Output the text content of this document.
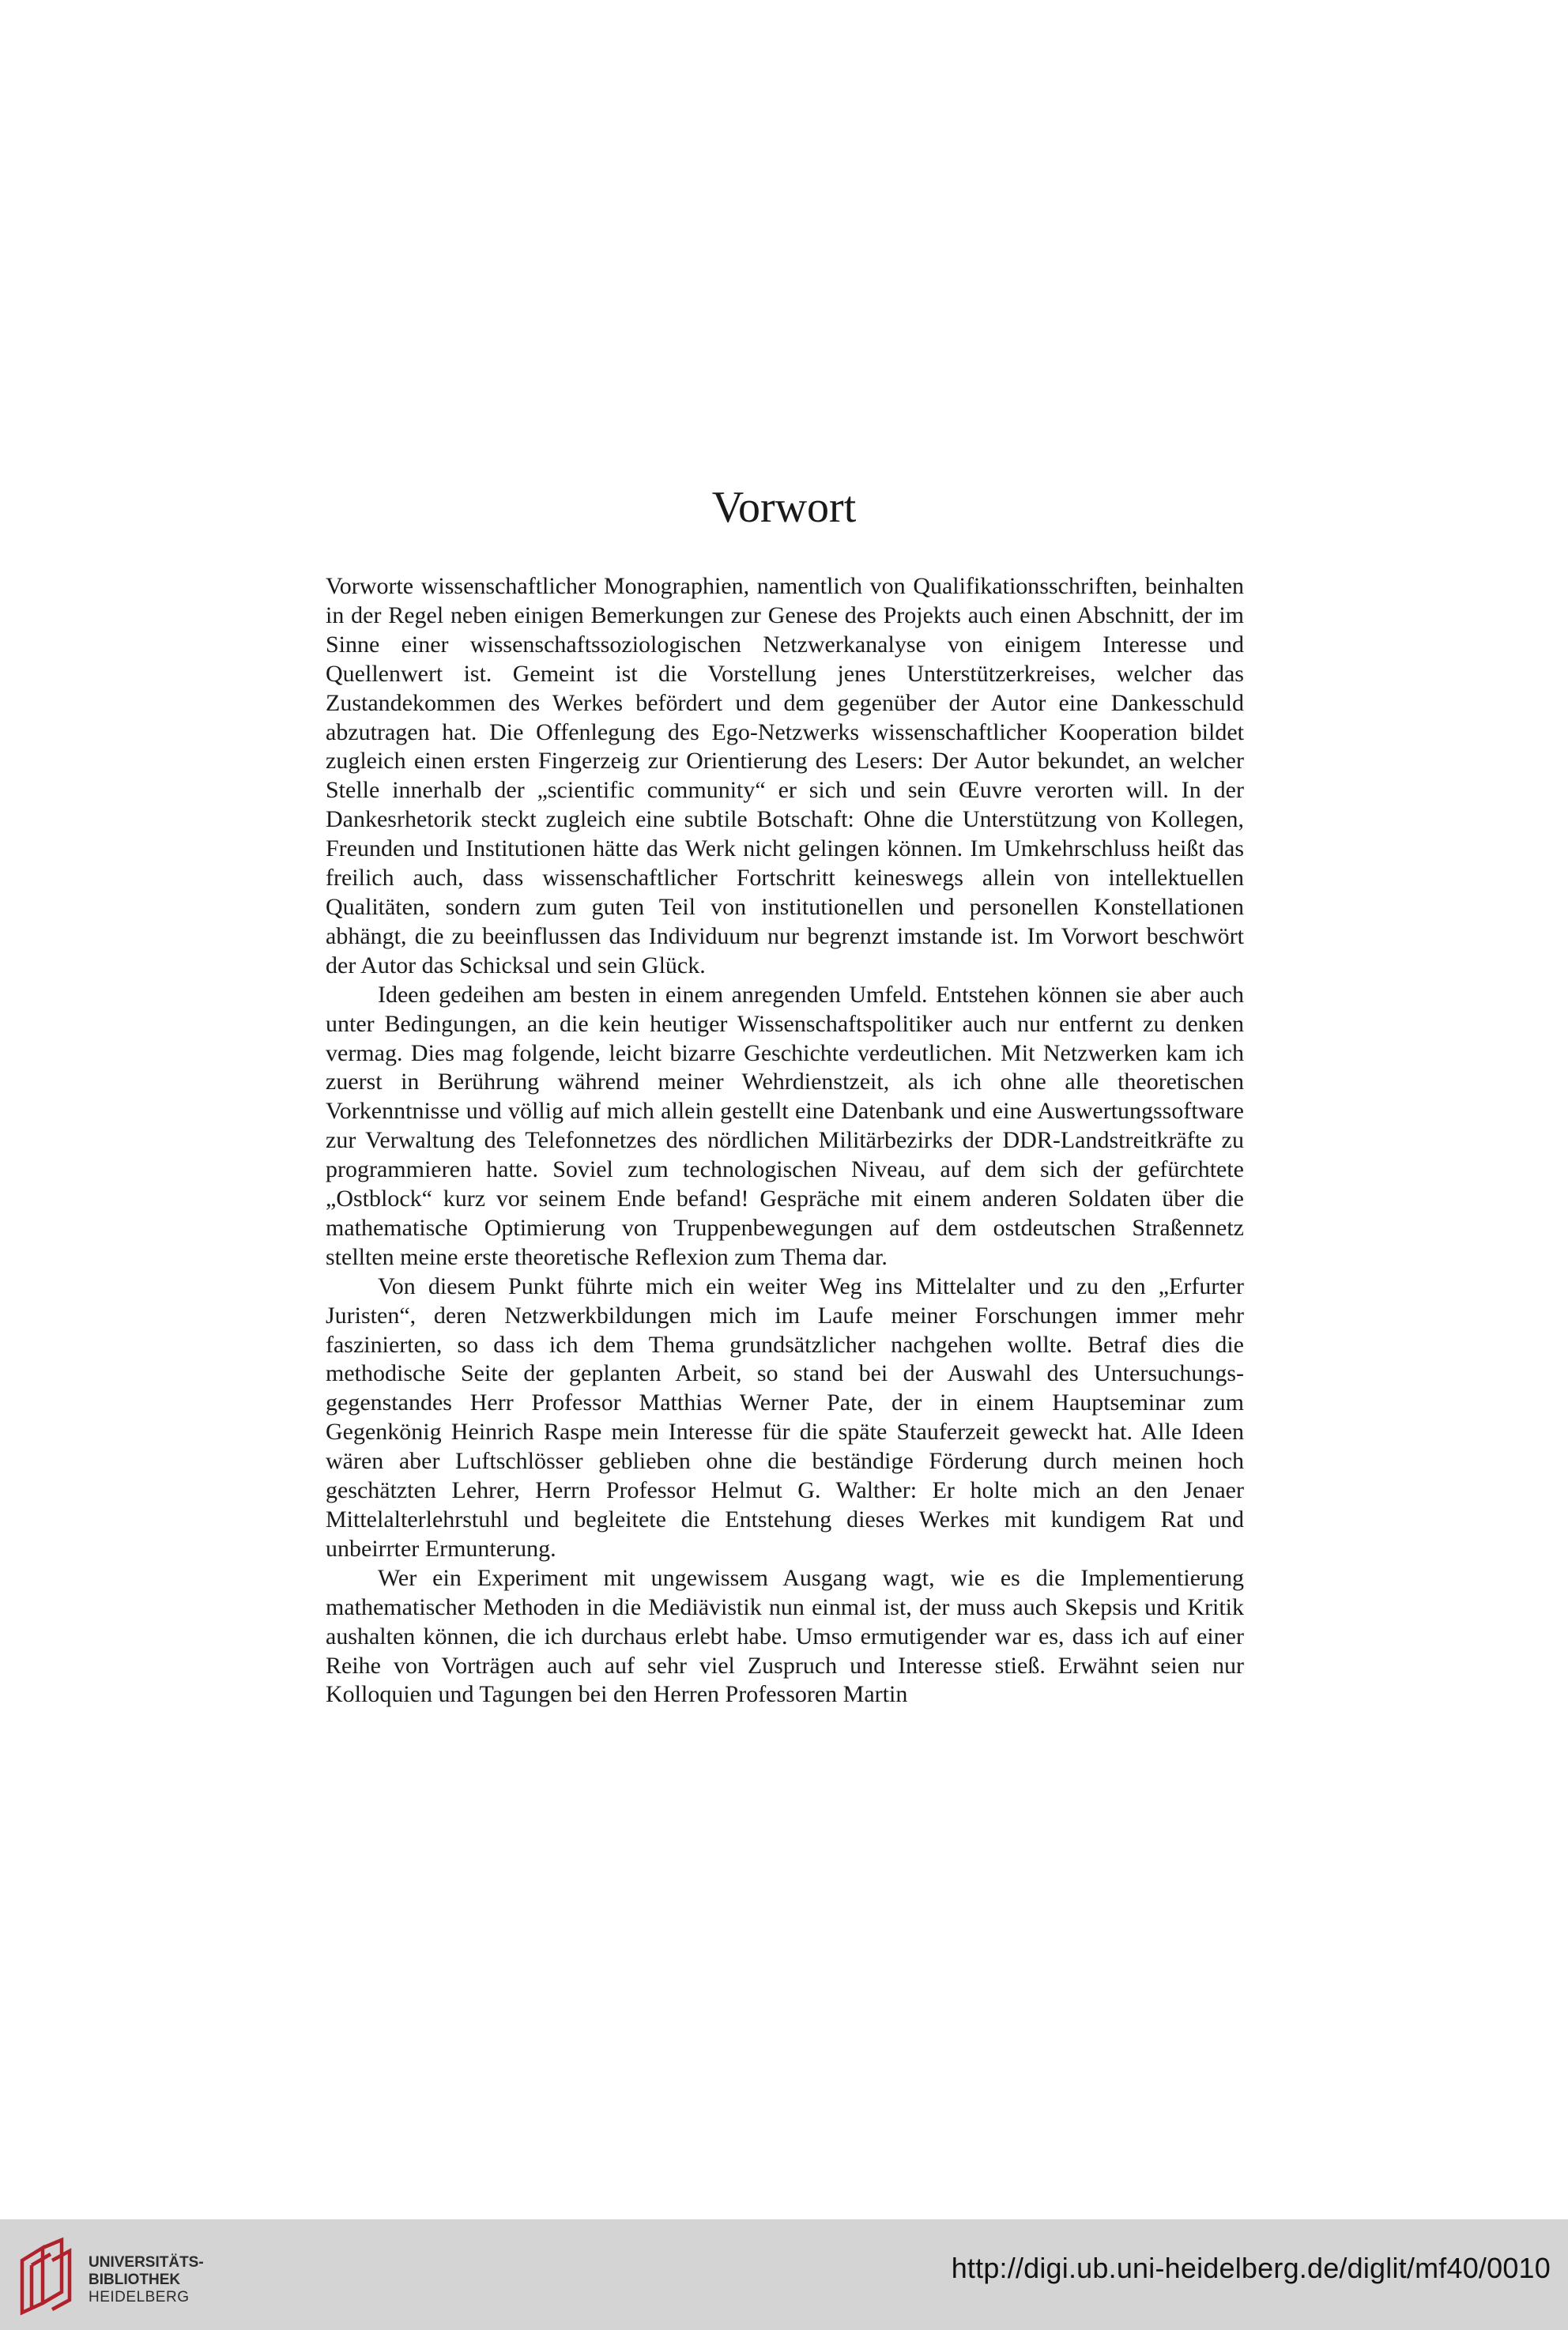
Vorwort

Vorworte wissenschaftlicher Monographien, namentlich von Qualifikationsschriften, beinhalten in der Regel neben einigen Bemerkungen zur Genese des Projekts auch einen Abschnitt, der im Sinne einer wissenschaftssoziologischen Netzwerkanalyse von einigem Interesse und Quellenwert ist. Gemeint ist die Vorstellung jenes Unterstützerkreises, welcher das Zustandekommen des Werkes befördert und dem gegenüber der Autor eine Dankesschuld abzutragen hat. Die Offenlegung des Ego-Netzwerks wissenschaftlicher Kooperation bildet zugleich einen ersten Fingerzeig zur Orientierung des Lesers: Der Autor bekundet, an welcher Stelle innerhalb der „scientific community“ er sich und sein Œuvre verorten will. In der Dankesrhetorik steckt zugleich eine subtile Botschaft: Ohne die Unterstützung von Kollegen, Freunden und Institutionen hätte das Werk nicht gelingen können. Im Umkehrschluss heißt das freilich auch, dass wissenschaftlicher Fortschritt keineswegs allein von intellektuellen Qualitäten, sondern zum guten Teil von institutionellen und personellen Konstellationen abhängt, die zu beeinflussen das Individuum nur begrenzt imstande ist. Im Vorwort beschwört der Autor das Schicksal und sein Glück.

Ideen gedeihen am besten in einem anregenden Umfeld. Entstehen können sie aber auch unter Bedingungen, an die kein heutiger Wissenschaftspolitiker auch nur entfernt zu denken vermag. Dies mag folgende, leicht bizarre Geschichte verdeutlichen. Mit Netzwerken kam ich zuerst in Berührung während meiner Wehrdienstzeit, als ich ohne alle theoretischen Vorkenntnisse und völlig auf mich allein gestellt eine Datenbank und eine Auswertungssoftware zur Verwaltung des Telefonnetzes des nördlichen Militärbezirks der DDR-Landstreitkräfte zu programmieren hatte. Soviel zum technologischen Niveau, auf dem sich der gefürchtete „Ostblock“ kurz vor seinem Ende befand! Gespräche mit einem anderen Soldaten über die mathematische Optimierung von Truppenbewegungen auf dem ostdeutschen Straßennetz stellten meine erste theoretische Reflexion zum Thema dar.

Von diesem Punkt führte mich ein weiter Weg ins Mittelalter und zu den „Erfurter Juristen“, deren Netzwerkbildungen mich im Laufe meiner Forschungen immer mehr faszinierten, so dass ich dem Thema grundsätzlicher nachgehen wollte. Betraf dies die methodische Seite der geplanten Arbeit, so stand bei der Auswahl des Untersuchungsgegenstandes Herr Professor Matthias Werner Pate, der in einem Hauptseminar zum Gegenkönig Heinrich Raspe mein Interesse für die späte Stauferzeit geweckt hat. Alle Ideen wären aber Luftschlösser geblieben ohne die beständige Förderung durch meinen hoch geschätzten Lehrer, Herrn Professor Helmut G. Walther: Er holte mich an den Jenaer Mittelalterlehrstuhl und begleitete die Entstehung dieses Werkes mit kundigem Rat und unbeirrter Ermunterung.

Wer ein Experiment mit ungewissem Ausgang wagt, wie es die Implementierung mathematischer Methoden in die Mediävistik nun einmal ist, der muss auch Skepsis und Kritik aushalten können, die ich durchaus erlebt habe. Umso ermutigender war es, dass ich auf einer Reihe von Vorträgen auch auf sehr viel Zuspruch und Interesse stieß. Erwähnt seien nur Kolloquien und Tagungen bei den Herren Professoren Martin

UNIVERSITÄTS-
BIBLIOTHEK
HEIDELBERG
http://digi.ub.uni-heidelberg.de/diglit/mf40/0010
